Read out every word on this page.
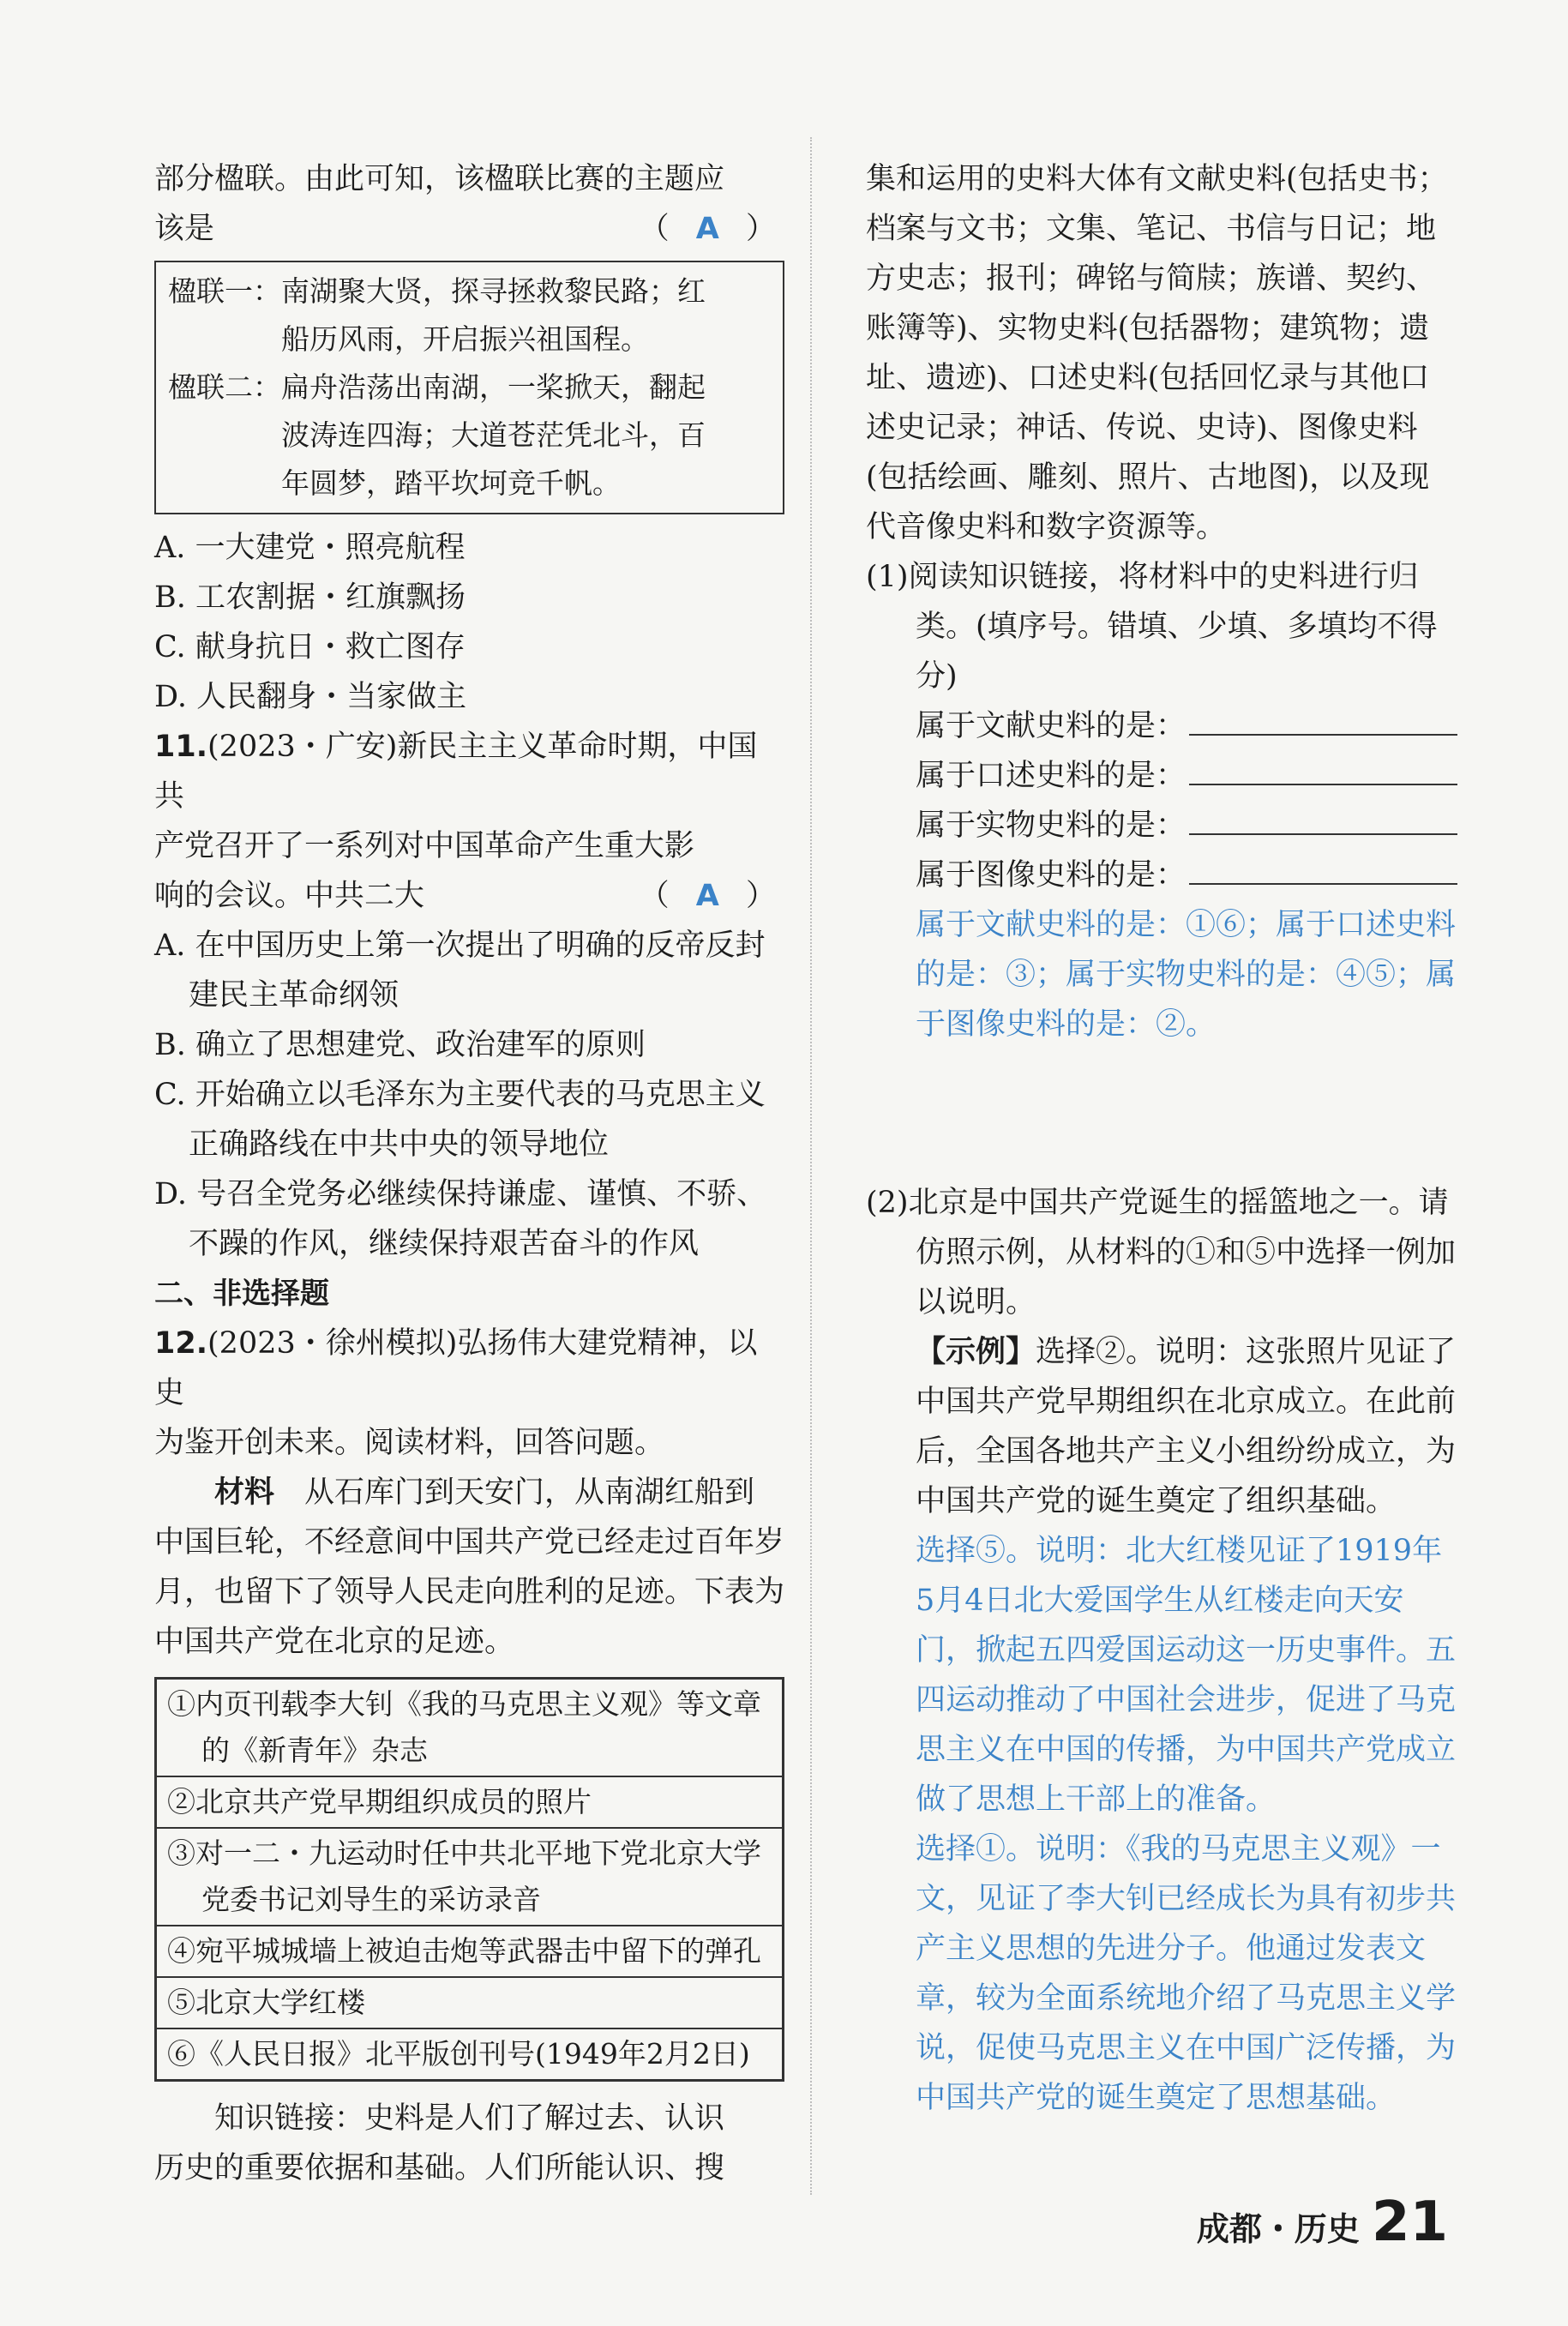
部分楹联。由此可知，该楹联比赛的主题应

该是	（ A ）
楹联一： 南湖聚大贤，探寻拯救黎民路；红

船历风雨，开启振兴祖国程。

楹联二： 扁舟浩荡出南湖，一桨掀天，翻起

波涛连四海；大道苍茫凭北斗，百

年圆梦，踏平坎坷竞千帆。

A. 一大建党・照亮航程

B. 工农割据・红旗飘扬

C. 献身抗日・救亡图存

D. 人民翻身・当家做主

11.(2023・广安)新民主主义革命时期，中国共

产党召开了一系列对中国革命产生重大影

响的会议。中共二大	（ A ）

A. 在中国历史上第一次提出了明确的反帝反封建民主革命纲领

B. 确立了思想建党、政治建军的原则

C. 开始确立以毛泽东为主要代表的马克思主义正确路线在中共中央的领导地位

D. 号召全党务必继续保持谦虚、谨慎、不骄、不躁的作风，继续保持艰苦奋斗的作风

二、非选择题

12.(2023・徐州模拟)弘扬伟大建党精神，以史

为鉴开创未来。阅读材料，回答问题。

材料　 从石库门到天安门，从南湖红船到中国巨轮，不经意间中国共产党已经走过百年岁月，也留下了领导人民走向胜利的足迹。下表为中国共产党在北京的足迹。

①内页刊载李大钊《我的马克思主义观》等文章的《新青年》杂志
②北京共产党早期组织成员的照片
③对一二・九运动时任中共北平地下党北京大学党委书记刘导生的采访录音
④宛平城城墙上被迫击炮等武器击中留下的弹孔
⑤北京大学红楼
⑥《人民日报》北平版创刊号(1949年2月2日)

知识链接：史料是人们了解过去、认识

历史的重要依据和基础。人们所能认识、搜

集和运用的史料大体有文献史料(包括史书；档案与文书；文集、笔记、书信与日记；地方史志；报刊；碑铭与简牍；族谱、契约、账簿等)、实物史料(包括器物；建筑物；遗址、遗迹)、口述史料(包括回忆录与其他口述史记录；神话、传说、史诗)、图像史料(包括绘画、雕刻、照片、古地图)，以及现代音像史料和数字资源等。

(1)阅读知识链接，将材料中的史料进行归类。(填序号。错填、少填、多填均不得分)

属于文献史料的是：
属于口述史料的是：
属于实物史料的是：
属于图像史料的是：

属于文献史料的是：①⑥；属于口述史料的是：③；属于实物史料的是：④⑤；属于图像史料的是：②。

(2)北京是中国共产党诞生的摇篮地之一。请仿照示例，从材料的①和⑤中选择一例加以说明。

【示例】选择②。说明：这张照片见证了中国共产党早期组织在北京成立。在此前后，全国各地共产主义小组纷纷成立，为中国共产党的诞生奠定了组织基础。

选择⑤。说明：北大红楼见证了1919年5月4日北大爱国学生从红楼走向天安门，掀起五四爱国运动这一历史事件。五四运动推动了中国社会进步，促进了马克思主义在中国的传播，为中国共产党成立做了思想上干部上的准备。

选择①。说明：《我的马克思主义观》一文，见证了李大钊已经成长为具有初步共产主义思想的先进分子。他通过发表文章，较为全面系统地介绍了马克思主义学说，促使马克思主义在中国广泛传播，为中国共产党的诞生奠定了思想基础。

成都・历史 21
